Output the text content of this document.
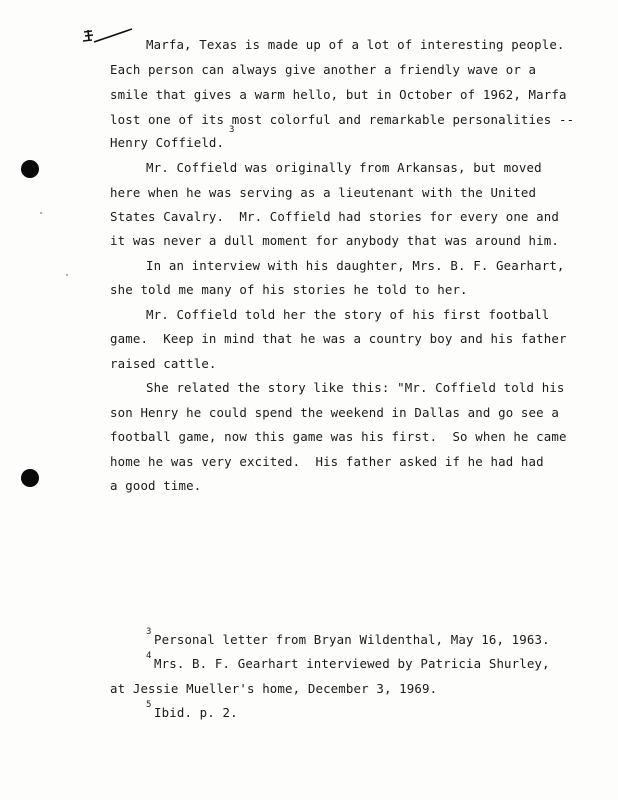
Marfa, Texas is made up of a lot of interesting people.
Each person can always give another a friendly wave or a
smile that gives a warm hello, but in October of 1962, Marfa
lost one of its most colorful and remarkable personalities --
3
Henry Coffield.
Mr. Coffield was originally from Arkansas, but moved
here when he was serving as a lieutenant with the United
States Cavalry.  Mr. Coffield had stories for every one and
it was never a dull moment for anybody that was around him.
In an interview with his daughter, Mrs. B. F. Gearhart,
she told me many of his stories he told to her.
Mr. Coffield told her the story of his first football
game.  Keep in mind that he was a country boy and his father
raised cattle.
She related the story like this: "Mr. Coffield told his
son Henry he could spend the weekend in Dallas and go see a
football game, now this game was his first.  So when he came
home he was very excited.  His father asked if he had had
a good time.
3 Personal letter from Bryan Wildenthal, May 16, 1963.
4 Mrs. B. F. Gearhart interviewed by Patricia Shurley,
at Jessie Mueller's home, December 3, 1969.
5 Ibid. p. 2.
